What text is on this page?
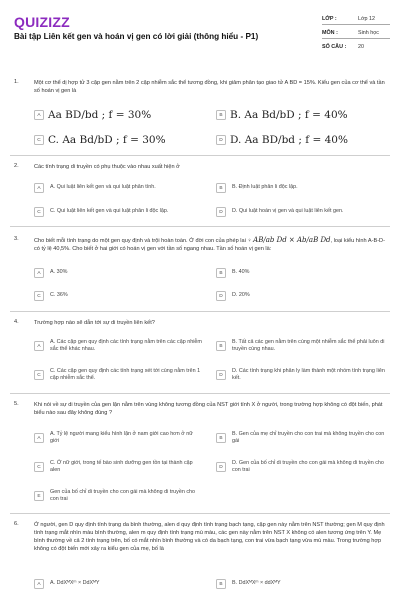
QUIZIZZ
Bài tập Liên kết gen và hoán vị gen có lời giải (thông hiểu - P1)
LỚP :	Lớp 12
MÔN :	Sinh học
SỐ CÂU : 20
1.	Một cơ thể dị hợp tử 3 cặp gen nằm trên 2 cặp nhiễm sắc thể tương đồng, khi giảm phân tạo giao tử A BD = 15%. Kiểu gen của cơ thể và tần số hoán vị gen là
A Aa BD/bd ; f = 30%	B B. Aa Bd/bD ; f = 40%
C C. Aa Bd/bD ; f = 30%	D D. Aa BD/bd ; f = 40%
2.	Các tính trạng di truyền có phụ thuộc vào nhau xuất hiện ở
A	A. Qui luật liên kết gen và qui luật phân tính.	B	B. Định luật phân li độc lập.
C	C. Qui luật liên kết gen và qui luật phân li độc lập.	D	D. Qui luật hoán vị gen và qui luật liên kết gen.
3.	Cho biết mỗi tính trạng do một gen quy định và trội hoàn toàn. Ở đời con của phép lai ♀ AB/ab Dd × Ab/aB Dd, loại kiểu hình A-B-D- có tỷ lệ 40,5%. Cho biết ở hai giới có hoán vị gen với tần số ngang nhau. Tần số hoán vị gen là:
A	A. 30%	B	B. 40%
C	C. 36%	D	D. 20%
4.	Trường hợp nào sẽ dẫn tới sự di truyền liên kết?
A
A. Các cặp gen quy định các tính trạng nằm trên các cặp nhiễm sắc thể khác nhau.	B
B. Tất cả các gen nằm trên cùng một nhiễm sắc thể phải luôn di truyền cùng nhau.
C
C. Các cặp gen quy định các tính trạng xét tới cùng nằm trên 1 cặp nhiễm sắc thể.	D
D. Các tính trạng khi phân ly làm thành một nhóm tính trạng liên kết.
5.	Khi nói về sự di truyền của gen lặn nằm trên vùng không tương đồng của NST giới tính X ở người, trong trường hợp không có đột biến, phát biểu nào sau đây không đúng ?
A
A. Tỷ lệ người mang kiểu hình lặn ở nam giới cao hơn ở nữ giới	B
B. Gen của mẹ chỉ truyền cho con trai mà không truyền cho con gái
C
C. Ở nữ giới, trong tế bào sinh dưỡng gen tồn tại thành cặp alen	D
D. Gen của bố chỉ di truyền cho con gái mà không di truyền cho con trai
E
Gen của bố chỉ di truyền cho con gái mà không di truyền cho con trai
6.	Ở người, gen D quy định tính trạng da bình thường, alen d quy định tính trạng bạch tạng, cặp gen này nằm trên NST thường; gen M quy định tính trạng mắt nhìn màu bình thường, alen m quy định tính trạng mù màu, các gen này nằm trên NST X không có alen tương ứng trên Y. Mẹ bình thường về cả 2 tính trạng trên, bố có mắt nhìn bình thường và có da bạch tạng, con trai vừa bạch tạng vừa mù màu. Trong trường hợp không có đột biến mới xảy ra kiểu gen của mẹ, bố là
A	A. DdXᴹXᵐ × DdXᴹY	B	B. DdXᴹXᵐ × ddXᴹY
